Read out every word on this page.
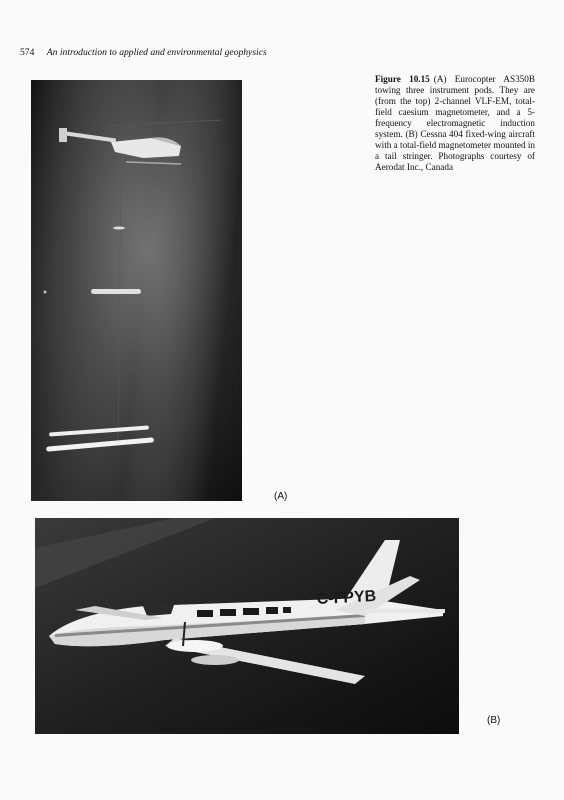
574 An introduction to applied and environmental geophysics
(A)
C-FPYB
(B)
Figure 10.15 (A) Eurocopter AS350B towing three instrument pods. They are (from the top) 2-channel VLF-EM, total-field caesium magnetometer, and a 5-frequency electromagnetic induction system. (B) Cessna 404 fixed-wing aircraft with a total-field magnetometer mounted in a tail stringer. Photographs courtesy of Aerodat Inc., Canada
